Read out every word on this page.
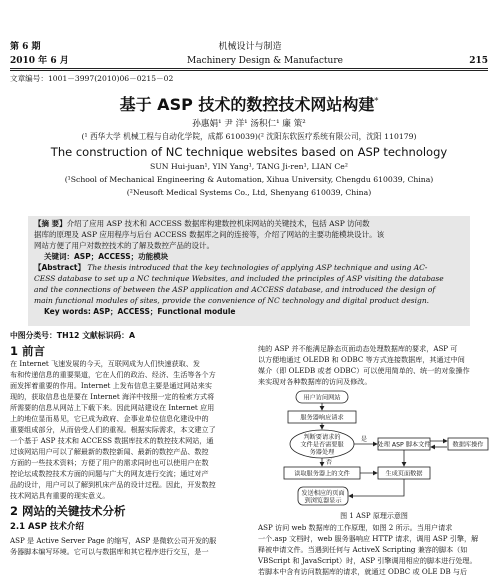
第 6 期
2010 年 6 月
机械设计与制造
Machinery Design & Manufacture	215
文章编号：1001－3997(2010)06－0215－02
基于 ASP 技术的数控技术网站构建*
孙惠娟¹ 尹 洋¹ 汤积仁¹ 廉 策²
(¹ 西华大学 机械工程与自动化学院，成都 610039)(² 沈阳东软医疗系统有限公司，沈阳 110179)
The construction of NC technique websites based on ASP technology
SUN Hui-juan¹, YIN Yang¹, TANG Ji-ren¹, LIAN Ce²
(¹School of Mechanical Engineering & Automation, Xihua University, Chengdu 610039, China)
(²Neusoft Medical Systems Co., Ltd, Shenyang 610039, China)
【摘 要】介绍了应用 ASP 技术和 ACCESS 数据库构建数控机床网站的关键技术，包括 ASP 访问数
据库的原理及 ASP 应用程序与后台 ACCESS 数据库之间的连接等，介绍了网站的主要功能模块设计。该
网站方便了用户对数控技术的了解及数控产品的设计。
关键词：ASP；ACCESS；功能模块
【Abstract】 The thesis introduced that the key technologies of applying ASP technique and using AC-
CESS database to set up a NC technique Websites, and included the principles of ASP visiting the database
and the connections of between the ASP application and ACCESS database, and introduced the design of
main functional modules of sites, provide the convenience of NC technology and digital product design.
Key words: ASP；ACCESS；Functional module
中图分类号：TH12 文献标识码：A
1 前言
在 Internet 飞速发展的今天，互联网成为人们快速获取、发
布和传递信息的重要渠道，它在人们的政治、经济、生活等各个方
面发挥着重要的作用。Internet 上发布信息主要是通过网站来实
现的，获取信息也是要在 Internet 海洋中按照一定的检索方式将
所需要的信息从网站上下载下来。因此网站建设在 Internet 应用
上的地位显而易见，它已成为政府、企事业单位信息化建设中的
重要组成部分，从而倍受人们的重视。根据实际需求，本文建立了
一个基于 ASP 技术和 ACCESS 数据库技术的数控技术网站，通
过该网站用户可以了解最新的数控新闻、最新的数控产品、数控
方面的一些技术资料；方便了用户的需求同时也可以使用户在数
控论坛成数控技术方面的问题与广大的网友进行交流；通过对产
品的设计，用户可以了解到机床产品的设计过程。因此，开发数控
技术网站具有重要的现实意义。
2 网站的关键技术分析
2.1 ASP 技术介绍
ASP 是 Active Server Page 的缩写，ASP 是微软公司开发的服
务器脚本编写环境。它可以与数据库和其它程序进行交互，是一
纯的 ASP 并不能满足静态页面动态处理数据库的要求，ASP 可
以方便地通过 OLEDB 和 ODBC 等方式连接数据库，其通过中间
媒介（即 OLEDB 或者 ODBC）可以使用简单的、统一的对象操作
来实现对各种数据库的访问及修改。
用户访问网站
服务器响应请求
判断要请求的
文件是否需要服
务器处理
处理 ASP 脚本文件	数据库操作
读取服务器上的文件	生成页面数据
发送相应的页面
到浏览器显示
是
否
图 1 ASP 原理示意图
ASP 访问 web 数据库的工作原理，如图 2 所示。当用户请求
一个.asp 文档时，web 服务器响应 HTTP 请求，调用 ASP 引擎，解
释被申请文件。当遇到任何与 ActiveX Scripting 兼容的脚本（如
VBScript 和 JavaScript）时，ASP 引擎调用相应的脚本进行处理。
若脚本中含有访问数据库的请求，就通过 ODBC 或 OLE DB 与后
